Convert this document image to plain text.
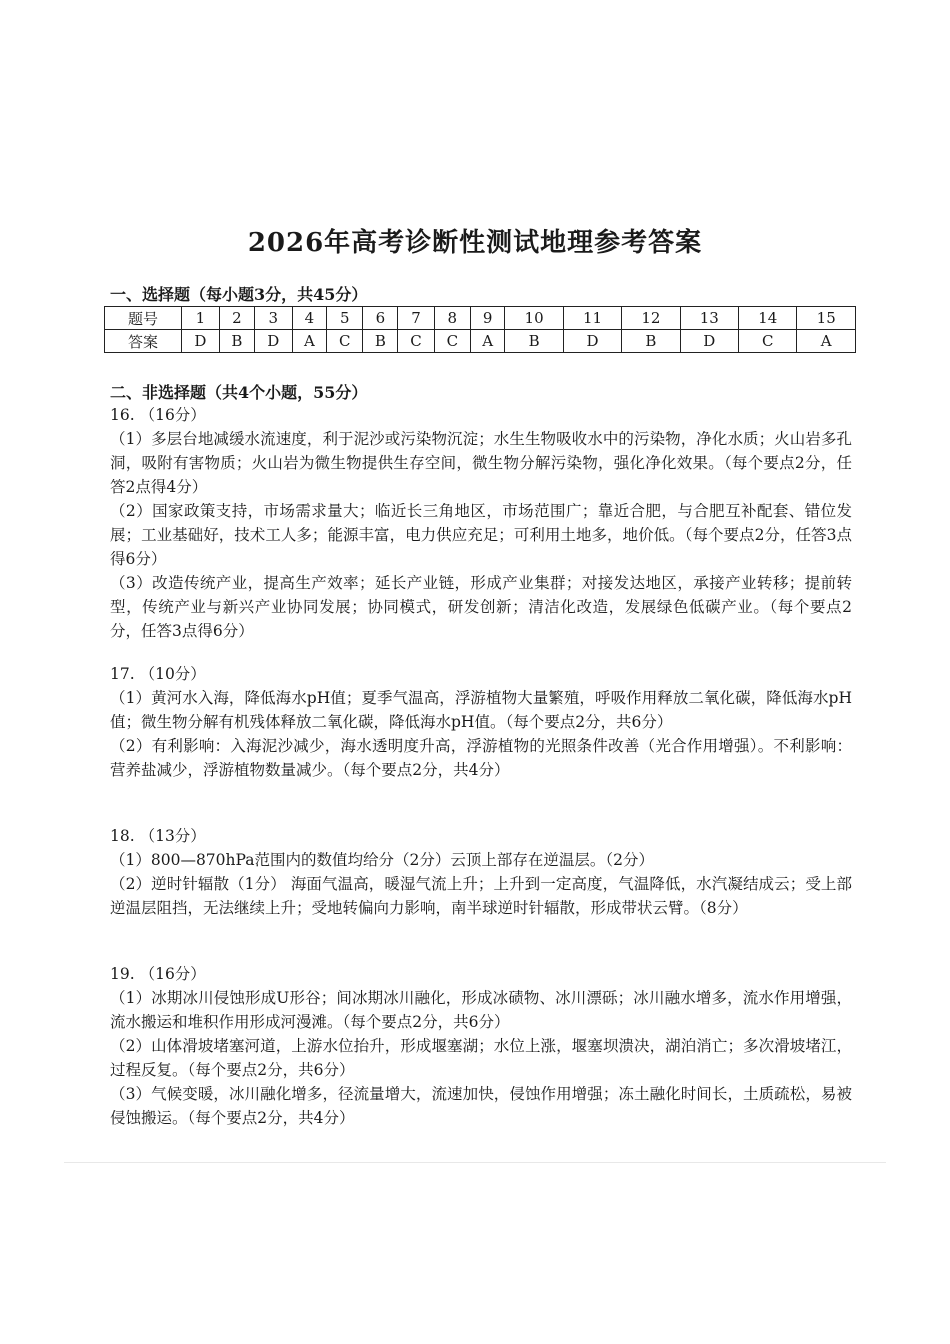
2026年高考诊断性测试地理参考答案
一、选择题（每小题3分，共45分）
题号	1	2	3	4	5	6	7	8	9	10	11	12	13	14	15
答案	D	B	D	A	C	B	C	C	A	B	D	B	D	C	A
二、非选择题（共4个小题，55分）

16. （16分）

（1）多层台地减缓水流速度，利于泥沙或污染物沉淀；水生生物吸收水中的污染物，净化水质；火山岩多孔洞，吸附有害物质；火山岩为微生物提供生存空间，微生物分解污染物，强化净化效果。（每个要点2分，任答2点得4分）

（2）国家政策支持，市场需求量大；临近长三角地区，市场范围广；靠近合肥，与合肥互补配套、错位发展；工业基础好，技术工人多；能源丰富，电力供应充足；可利用土地多，地价低。（每个要点2分，任答3点得6分）

（3）改造传统产业，提高生产效率；延长产业链，形成产业集群；对接发达地区，承接产业转移；提前转型，传统产业与新兴产业协同发展；协同模式，研发创新；清洁化改造，发展绿色低碳产业。（每个要点2分，任答3点得6分）

17. （10分）

（1）黄河水入海，降低海水pH值；夏季气温高，浮游植物大量繁殖，呼吸作用释放二氧化碳，降低海水pH值；微生物分解有机残体释放二氧化碳，降低海水pH值。（每个要点2分，共6分）

（2）有利影响：入海泥沙减少，海水透明度升高，浮游植物的光照条件改善（光合作用增强）。不利影响：营养盐减少，浮游植物数量减少。（每个要点2分，共4分）

18. （13分）

（1）800—870hPa范围内的数值均给分（2分）云顶上部存在逆温层。（2分）

（2）逆时针辐散（1分） 海面气温高，暖湿气流上升；上升到一定高度，气温降低，水汽凝结成云；受上部逆温层阻挡，无法继续上升；受地转偏向力影响，南半球逆时针辐散，形成带状云臂。（8分）

19. （16分）

（1）冰期冰川侵蚀形成U形谷；间冰期冰川融化，形成冰碛物、冰川漂砾；冰川融水增多，流水作用增强，流水搬运和堆积作用形成河漫滩。（每个要点2分，共6分）

（2）山体滑坡堵塞河道，上游水位抬升，形成堰塞湖；水位上涨，堰塞坝溃决，湖泊消亡；多次滑坡堵江，过程反复。（每个要点2分，共6分）

（3）气候变暖，冰川融化增多，径流量增大，流速加快，侵蚀作用增强；冻土融化时间长，土质疏松，易被侵蚀搬运。（每个要点2分，共4分）
